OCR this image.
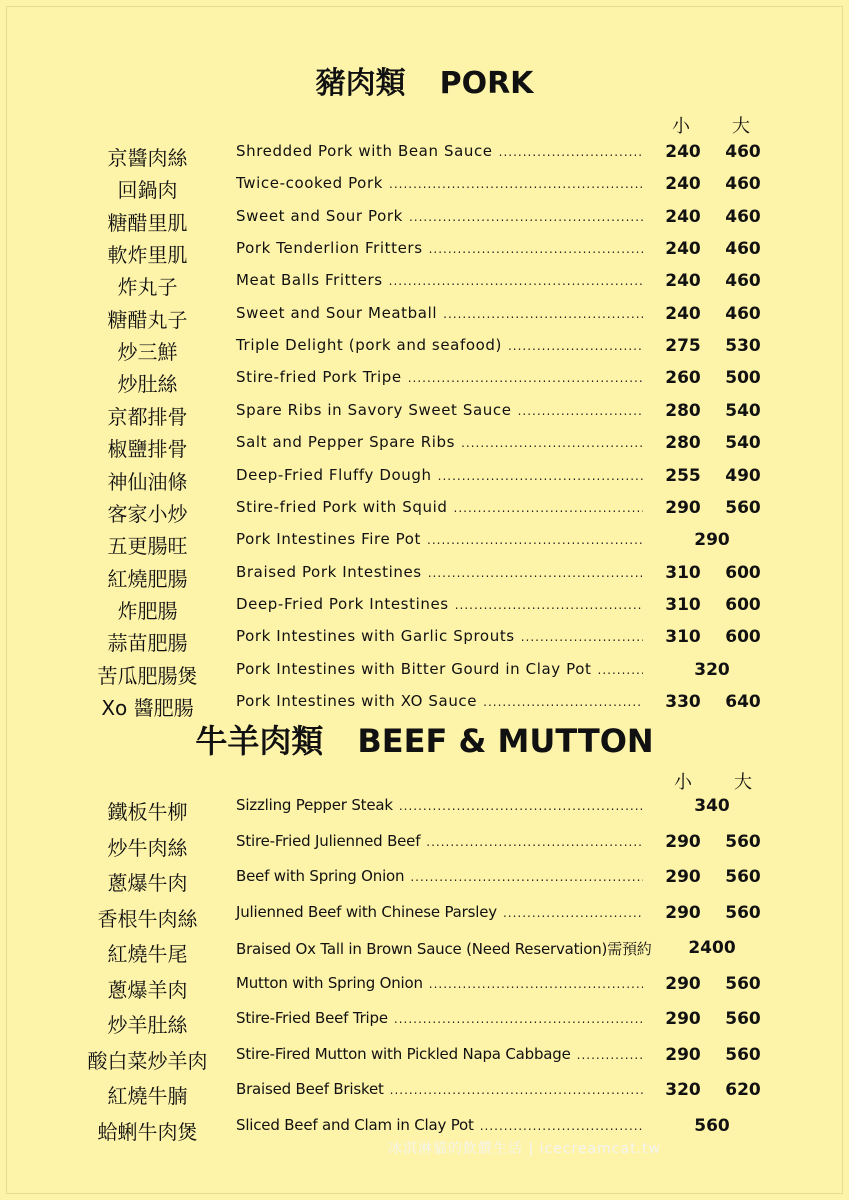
豬肉類 PORK
小 大
京醬肉絲	Shredded Pork with Bean Sauce .....	240	460
回鍋肉	Twice-cooked Pork .....	240	460
糖醋里肌	Sweet and Sour Pork .....	240	460
軟炸里肌	Pork Tenderlion Fritters .....	240	460
炸丸子	Meat Balls Fritters .....	240	460
糖醋丸子	Sweet and Sour Meatball .....	240	460
炒三鮮	Triple Delight (pork and seafood) .....	275	530
炒肚絲	Stire-fried Pork Tripe .....	260	500
京都排骨	Spare Ribs in Savory Sweet Sauce .....	280	540
椒鹽排骨	Salt and Pepper Spare Ribs .....	280	540
神仙油條	Deep-Fried Fluffy Dough .....	255	490
客家小炒	Stire-fried Pork with Squid .....	290	560
五更腸旺	Pork Intestines Fire Pot .....	290
紅燒肥腸	Braised Pork Intestines .....	310	600
炸肥腸	Deep-Fried Pork Intestines .....	310	600
蒜苗肥腸	Pork Intestines with Garlic Sprouts .....	310	600
苦瓜肥腸煲	Pork Intestines with Bitter Gourd in Clay Pot .....	320
Xo 醬肥腸	Pork Intestines with XO Sauce .....	330	640
牛羊肉類 BEEF & MUTTON
小 大
鐵板牛柳	Sizzling Pepper Steak .....	340
炒牛肉絲	Stire-Fried Julienned Beef .....	290	560
蔥爆牛肉	Beef with Spring Onion .....	290	560
香根牛肉絲	Julienned Beef with Chinese Parsley .....	290	560
紅燒牛尾	Braised Ox Tall in Brown Sauce (Need Reservation)需預約	2400
蔥爆羊肉	Mutton with Spring Onion .....	290	560
炒羊肚絲	Stire-Fried Beef Tripe .....	290	560
酸白菜炒羊肉	Stire-Fired Mutton with Pickled Napa Cabbage .....	290	560
紅燒牛腩	Braised Beef Brisket .....	320	620
蛤蜊牛肉煲	Sliced Beef and Clam in Clay Pot .....	560
冰淇淋貓的飲饌生活 | icecreamcat.tw
